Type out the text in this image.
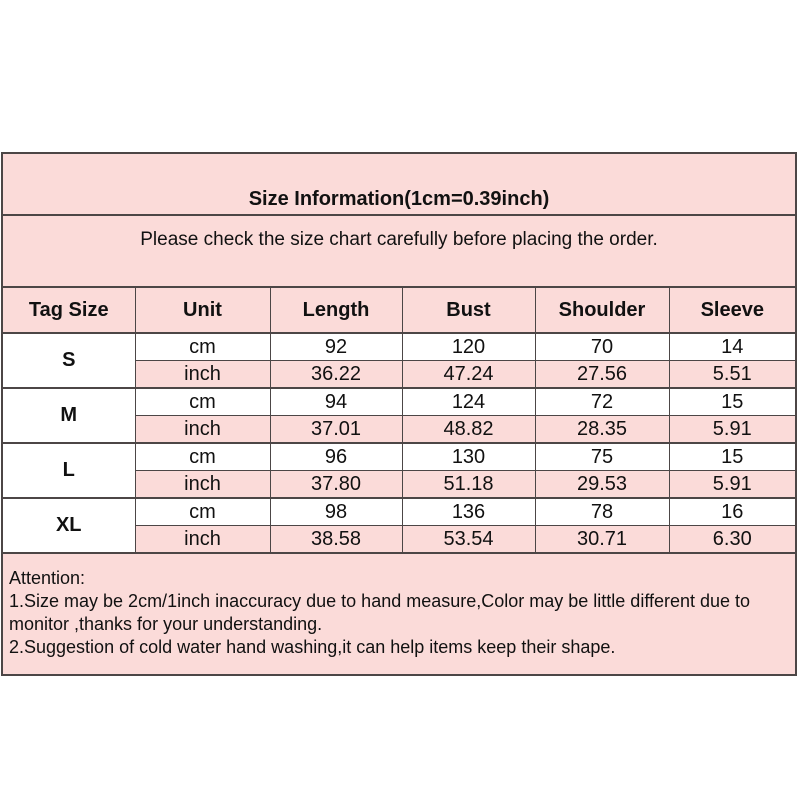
Size Information(1cm=0.39inch)					
Please check the size chart carefully before placing the order.					
Tag Size	Unit	Length	Bust	Shoulder	Sleeve
S	cm	92	120	70	14
	inch	36.22	47.24	27.56	5.51
M	cm	94	124	72	15
	inch	37.01	48.82	28.35	5.91
L	cm	96	130	75	15
	inch	37.80	51.18	29.53	5.91
XL	cm	98	136	78	16
	inch	38.58	53.54	30.71	6.30

Attention:
1.Size may be 2cm/1inch inaccuracy due to hand measure,Color may be little different due to
monitor ,thanks for your understanding.
2.Suggestion of cold water hand washing,it can help items keep their shape.					
